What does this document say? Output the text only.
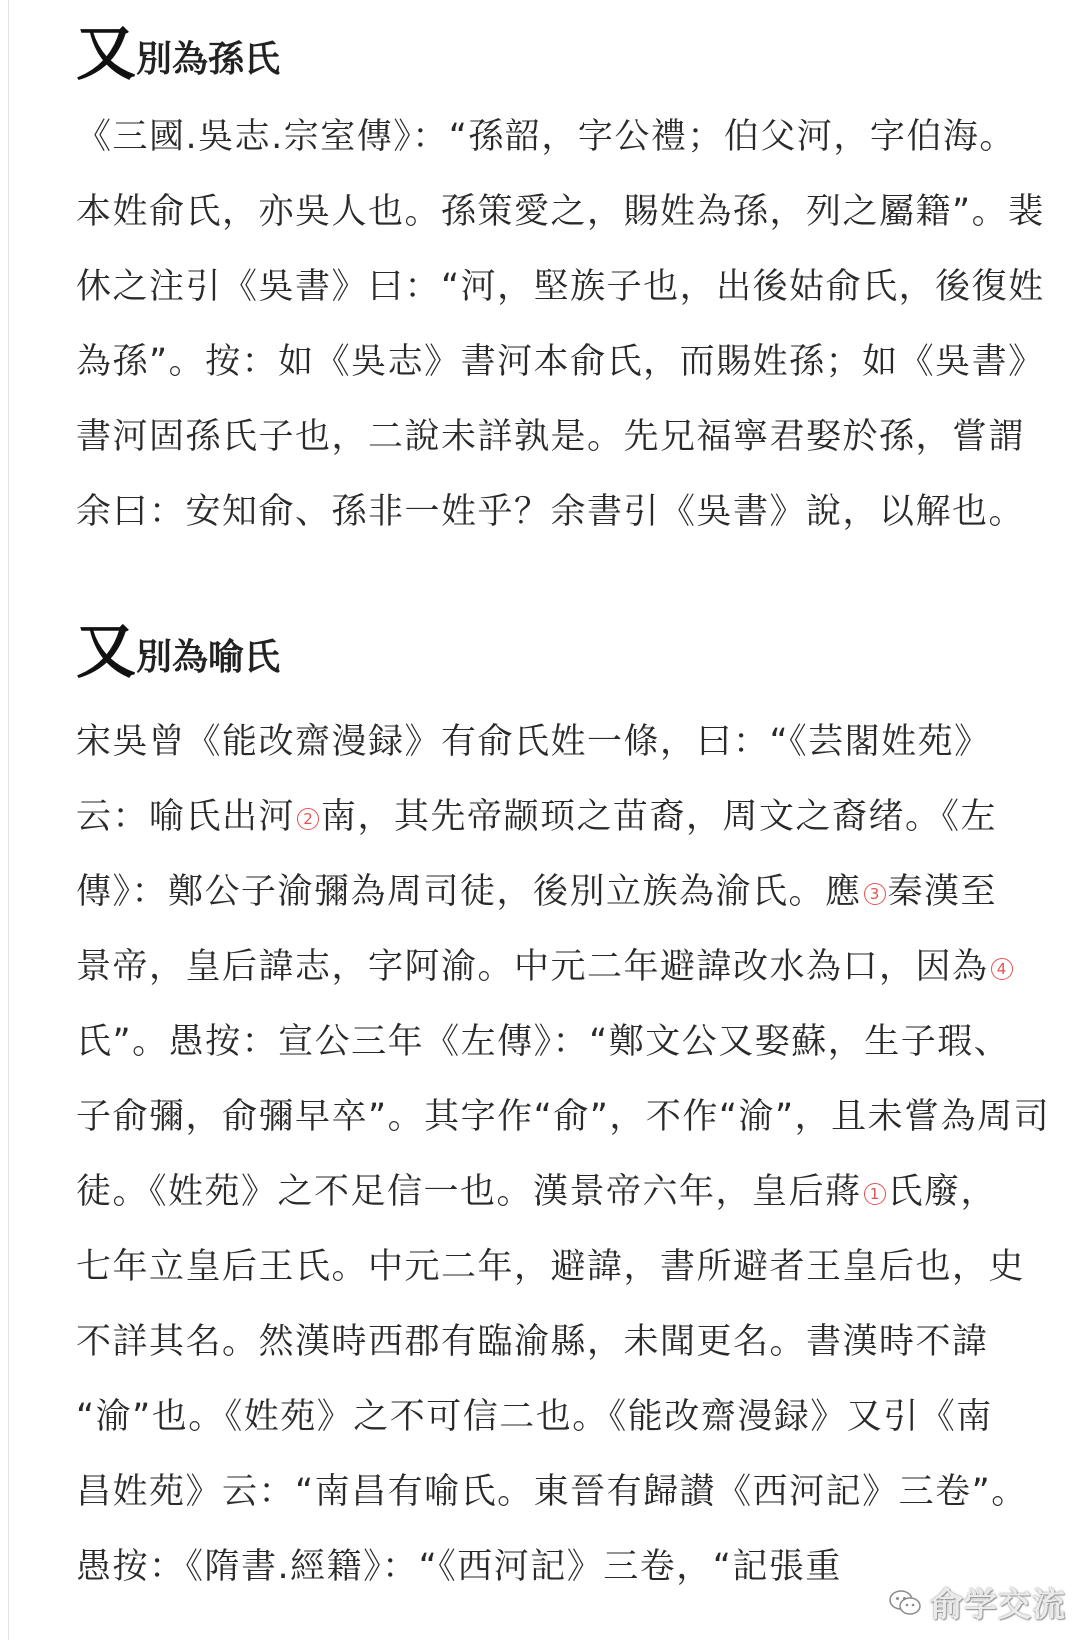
又 別為孫氏

《三國.吳志.宗室傳》：“孫韶，字公禮；伯父河，字伯海。
本姓俞氏，亦吳人也。孫策愛之，賜姓為孫，列之屬籍”。裴
休之注引《吳書》曰：“河，堅族子也，出後姑俞氏，後復姓
為孫”。按：如《吳志》書河本俞氏，而賜姓孫；如《吳書》
書河固孫氏子也，二說未詳孰是。先兄福寧君娶於孫，嘗謂
余曰：安知俞、孫非一姓乎？余書引《吳書》說，以解也。

又 別為喻氏

宋吳曾《能改齋漫録》有俞氏姓一條，曰：“《芸閣姓苑》
云：喻氏出河 2 南，其先帝颛顼之苗裔，周文之裔绪。《左
傳》：鄭公子渝彌為周司徒，後別立族為渝氏。應 3 秦漢至
景帝，皇后諱志，字阿渝。中元二年避諱改水為口，因為 4
氏”。愚按：宣公三年《左傳》：“鄭文公又娶蘇，生子瑕、
子俞彌，俞彌早卒”。其字作“俞”，不作“渝”，且未嘗為周司
徒。《姓苑》之不足信一也。漢景帝六年，皇后蔣 1 氏廢，
七年立皇后王氏。中元二年，避諱，書所避者王皇后也，史
不詳其名。然漢時西郡有臨渝縣，未聞更名。書漢時不諱
“渝”也。《姓苑》之不可信二也。《能改齋漫録》又引《南
昌姓苑》云：“南昌有喻氏。東晉有歸讃《西河記》三卷”。
愚按：《隋書.經籍》：“《西河記》三卷，“記張重

俞学交流
